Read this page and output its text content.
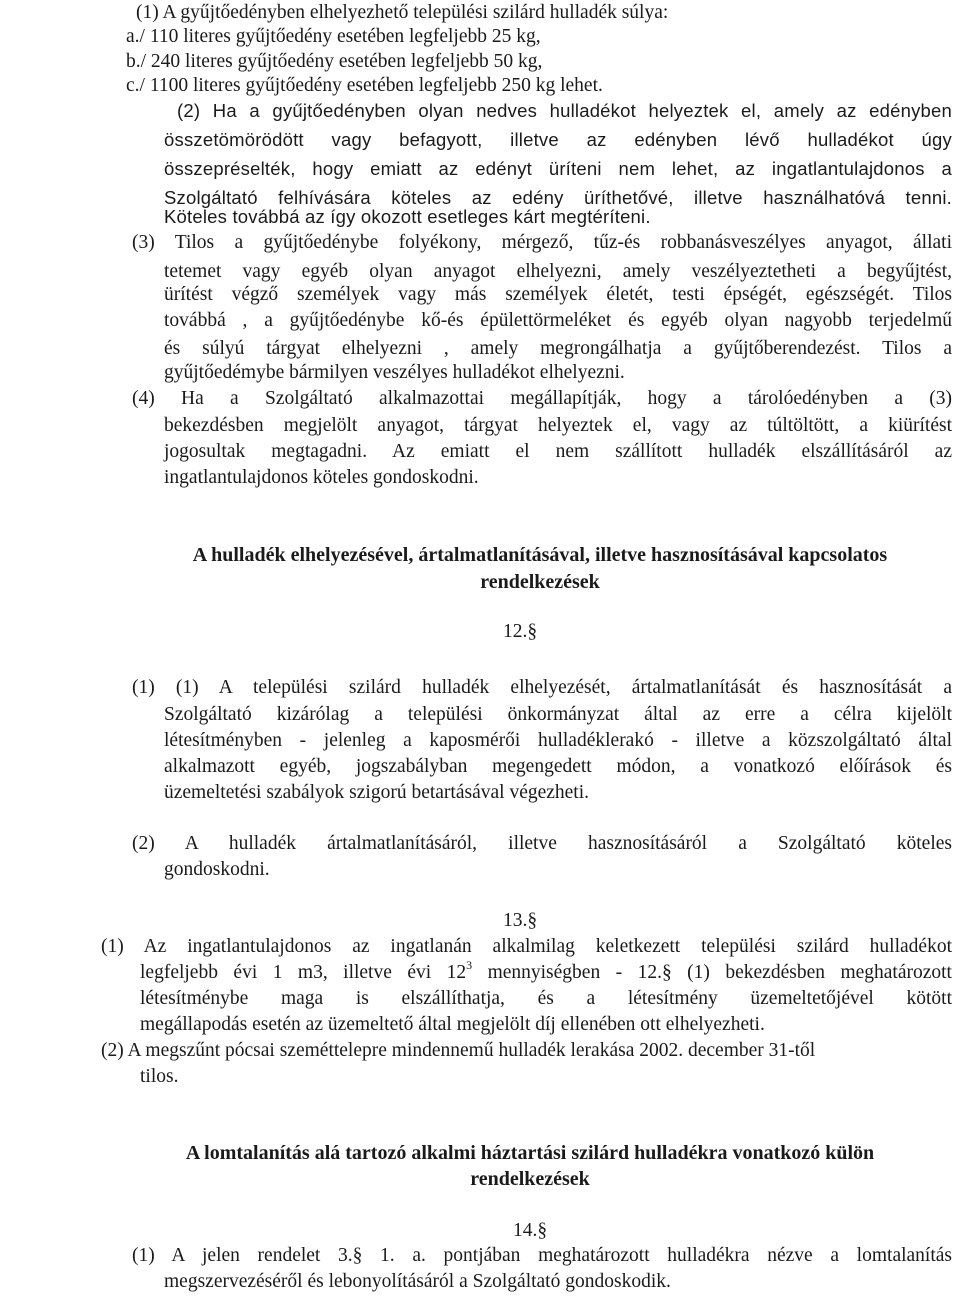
(1) A gyűjtőedényben elhelyezhető települési szilárd hulladék súlya:
a./ 110 literes gyűjtőedény esetében legfeljebb 25 kg,
b./ 240 literes gyűjtőedény esetében legfeljebb 50 kg,
c./ 1100 literes gyűjtőedény esetében legfeljebb 250 kg lehet.
(2) Ha a gyűjtőedényben olyan nedves hulladékot helyeztek el, amely az edényben
összetömörödött vagy befagyott, illetve az edényben lévő hulladékot úgy
összepréselték, hogy emiatt az edényt üríteni nem lehet, az ingatlantulajdonos a
Szolgáltató felhívására köteles az edény üríthetővé, illetve használhatóvá tenni.
Köteles továbbá az így okozott esetleges kárt megtéríteni.
(3) Tilos a gyűjtőedénybe folyékony, mérgező, tűz-és robbanásveszélyes anyagot, állati
tetemet vagy egyéb olyan anyagot elhelyezni, amely veszélyeztetheti a begyűjtést,
ürítést végző személyek vagy más személyek életét, testi épségét, egészségét. Tilos
továbbá , a gyűjtőedénybe kő-és épülettörmeléket és egyéb olyan nagyobb terjedelmű
és súlyú tárgyat elhelyezni , amely megrongálhatja a gyűjtőberendezést. Tilos a
gyűjtőedémybe bármilyen veszélyes hulladékot elhelyezni.
(4) Ha a Szolgáltató alkalmazottai megállapítják, hogy a tárolóedényben a (3)
bekezdésben megjelölt anyagot, tárgyat helyeztek el, vagy az túltöltött, a kiürítést
jogosultak megtagadni. Az emiatt el nem szállított hulladék elszállításáról az
ingatlantulajdonos köteles gondoskodni.
A hulladék elhelyezésével, ártalmatlanításával, illetve hasznosításával kapcsolatos
rendelkezések
12.§
(1) (1) A települési szilárd hulladék elhelyezését, ártalmatlanítását és hasznosítását a
Szolgáltató kizárólag a települési önkormányzat által az erre a célra kijelölt
létesítményben - jelenleg a kaposmérői hulladéklerakó - illetve a közszolgáltató által
alkalmazott egyéb, jogszabályban megengedett módon, a vonatkozó előírások és
üzemeltetési szabályok szigorú betartásával végezheti.
(2) A hulladék ártalmatlanításáról, illetve hasznosításáról a Szolgáltató köteles
gondoskodni.
13.§
(1) Az ingatlantulajdonos az ingatlanán alkalmilag keletkezett települési szilárd hulladékot
legfeljebb évi 1 m3, illetve évi $12^3$ mennyiségben - 12.§ (1) bekezdésben meghatározott
létesítménybe maga is elszállíthatja, és a létesítmény üzemeltetőjével kötött
megállapodás esetén az üzemeltető által megjelölt díj ellenében ott elhelyezheti.
(2) A megszűnt pócsai szeméttelepre mindennemű hulladék lerakása 2002. december 31-től
tilos.
A lomtalanítás alá tartozó alkalmi háztartási szilárd hulladékra vonatkozó külön
rendelkezések
14.§
(1) A jelen rendelet 3.§ 1. a. pontjában meghatározott hulladékra nézve a lomtalanítás
megszervezéséről és lebonyolításáról a Szolgáltató gondoskodik.
